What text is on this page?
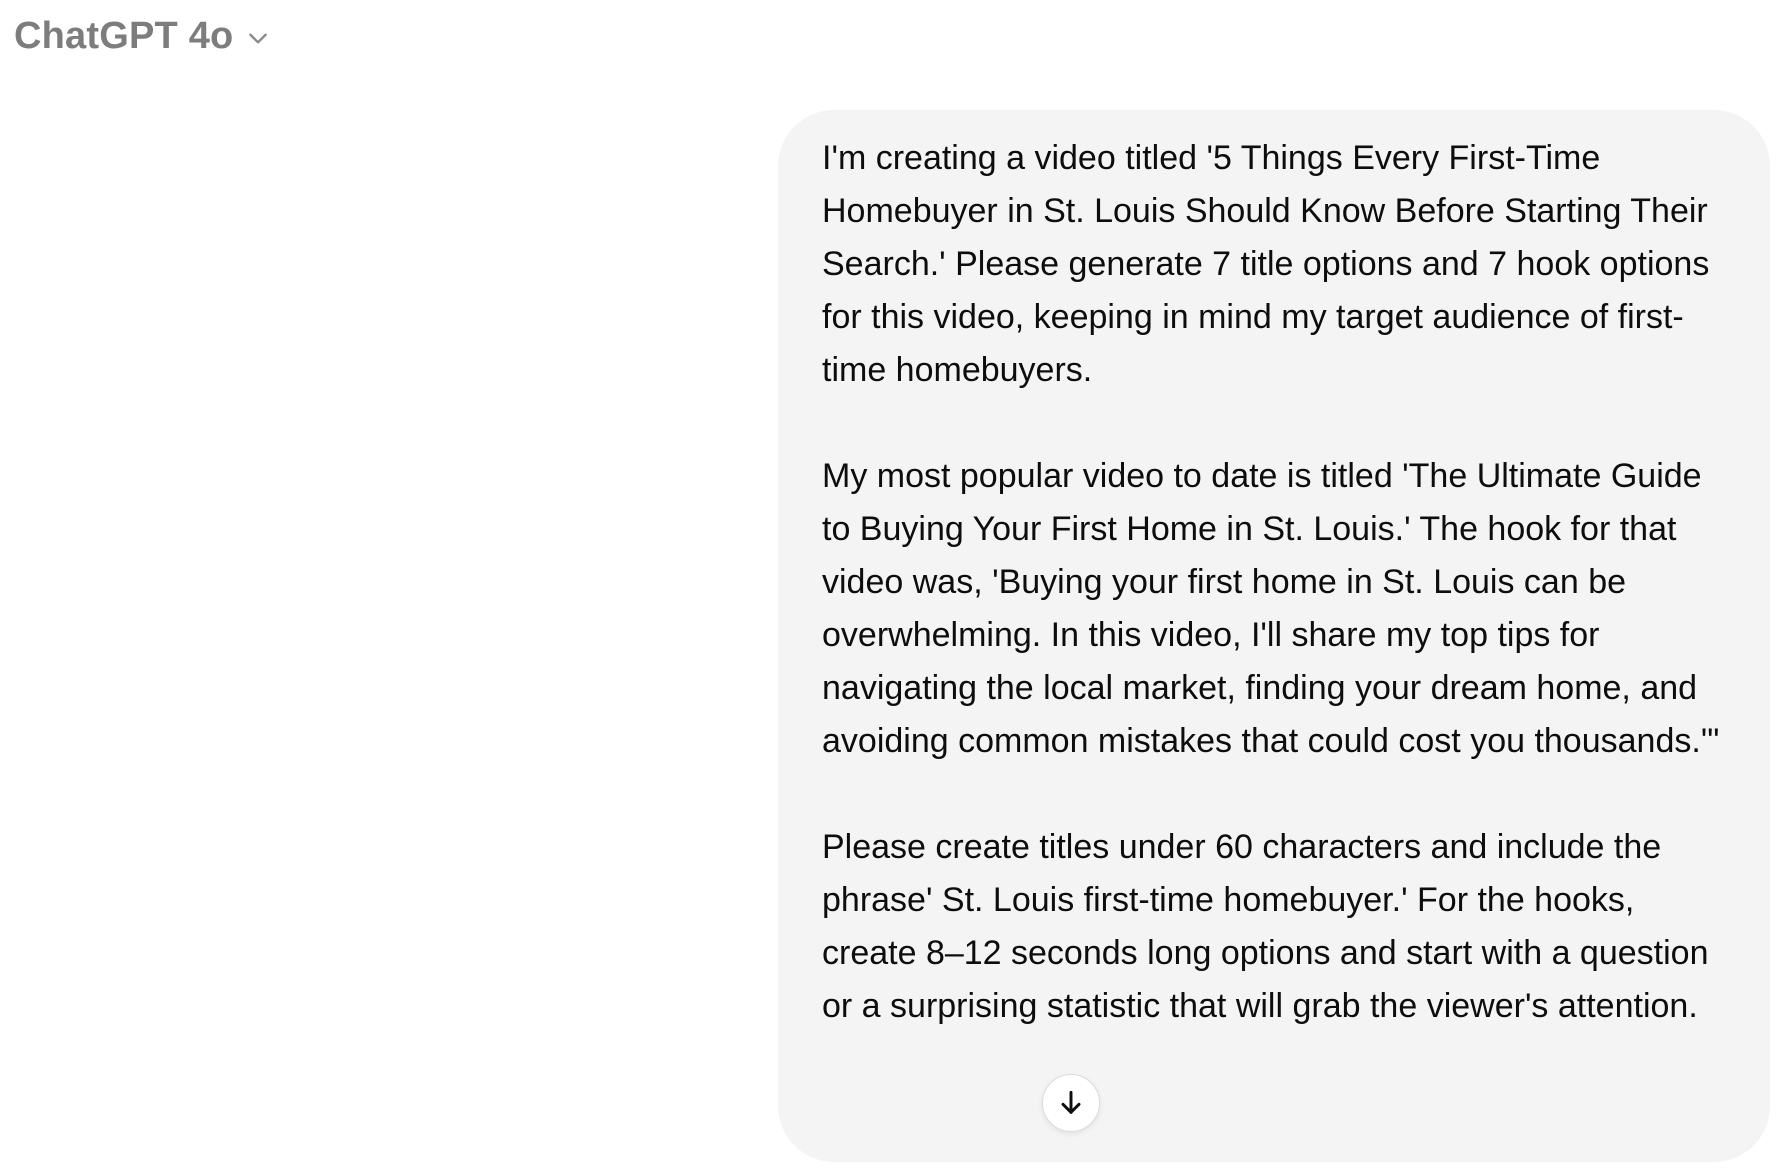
ChatGPT 4o

I'm creating a video titled '5 Things Every First-Time Homebuyer in St. Louis Should Know Before Starting Their Search.' Please generate 7 title options and 7 hook options for this video, keeping in mind my target audience of first-time homebuyers.

My most popular video to date is titled 'The Ultimate Guide to Buying Your First Home in St. Louis.' The hook for that video was, 'Buying your first home in St. Louis can be overwhelming. In this video, I'll share my top tips for navigating the local market, finding your dream home, and avoiding common mistakes that could cost you thousands.'"

Please create titles under 60 characters and include the phrase' St. Louis first-time homebuyer.' For the hooks, create 8–12 seconds long options and start with a question or a surprising statistic that will grab the viewer's attention.
